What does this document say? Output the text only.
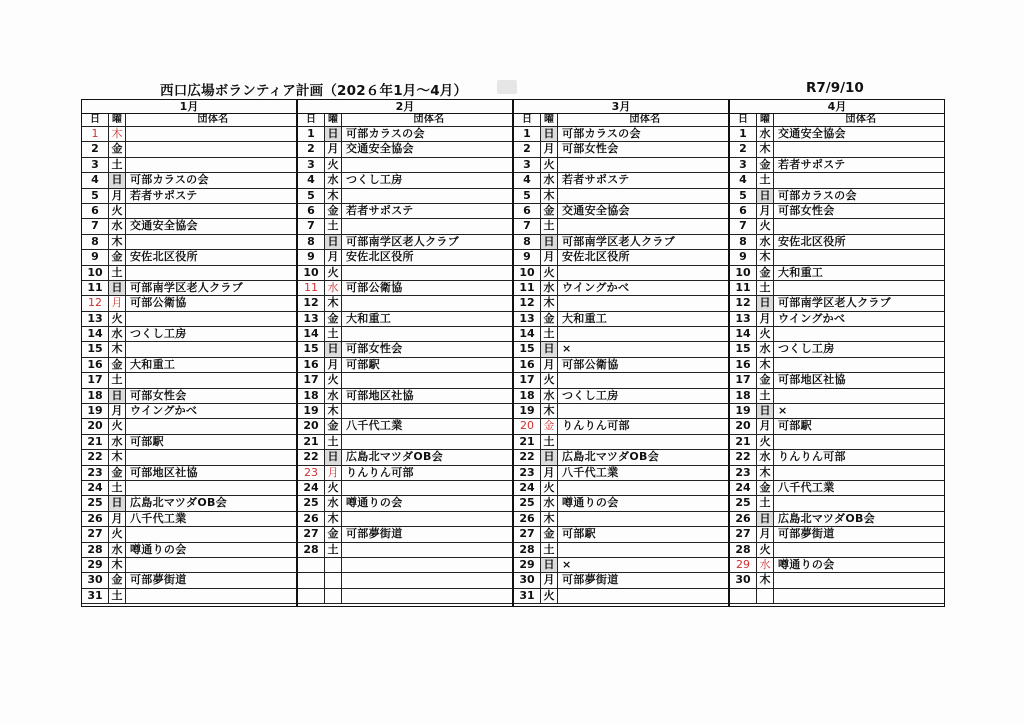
西口広場ボランティア計画（202６年1月～4月）	R7/9/10
1月
日	曜	団体名
1	木
2	金
3	土
4	日 可部カラスの会
5	月 若者サポステ
6	火
7	水 交通安全協会
8	木
9	金 安佐北区役所
10 土
11 日 可部南学区老人クラブ
12 月 可部公衛協
13 火
14 水 つくし工房
15 木
16 金 大和重工
17 土
18 日 可部女性会
19 月 ウイングかべ
20 火
21 水 可部駅
22 木
23 金 可部地区社協
24 土
25 日 広島北マツダOB会
26 月 八千代工業
27 火
28 水 噂通りの会
29 木
30 金 可部夢街道
31 土
2月
日	曜	団体名
1	日 可部カラスの会
2	月 交通安全協会
3	火
4	水 つくし工房
5	木
6	金 若者サポステ
7	土
8	日 可部南学区老人クラブ
9	月 安佐北区役所
10 火
11 水 可部公衛協
12 木
13 金 大和重工
14 土
15 日 可部女性会
16 月 可部駅
17 火
18 水 可部地区社協
19 木
20 金 八千代工業
21 土
22 日 広島北マツダOB会
23 月 りんりん可部
24 火
25 水 噂通りの会
26 木
27 金 可部夢街道
28 土
3月
日	曜	団体名
1	日 可部カラスの会
2	月 可部女性会
3	火
4	水 若者サポステ
5	木
6	金 交通安全協会
7	土
8	日 可部南学区老人クラブ
9	月 安佐北区役所
10 火
11 水 ウイングかべ
12 木
13 金 大和重工
14 土
15 日 ×
16 月 可部公衛協
17 火
18 水 つくし工房
19 木
20 金 りんりん可部
21 土
22 日 広島北マツダOB会
23 月 八千代工業
24 火
25 水 噂通りの会
26 木
27 金 可部駅
28 土
29 日 ×
30 月 可部夢街道
31 火
4月
日	曜	団体名
1	水 交通安全協会
2	木
3	金 若者サポステ
4	土
5	日 可部カラスの会
6	月 可部女性会
7	火
8	水 安佐北区役所
9	木
10 金 大和重工
11 土
12 日 可部南学区老人クラブ
13 月 ウイングかべ
14 火
15 水 つくし工房
16 木
17 金 可部地区社協
18 土
19 日 ×
20 月 可部駅
21 火
22 水 りんりん可部
23 木
24 金 八千代工業
25 土
26 日 広島北マツダOB会
27 月 可部夢街道
28 火
29 水 噂通りの会
30 木
